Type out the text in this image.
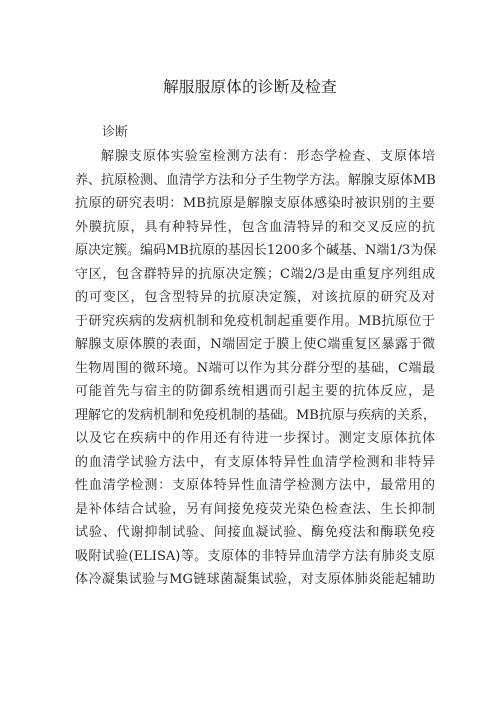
解服服原体的诊断及检查
诊断
解腺支原体实验室检测方法有：形态学检查、支原体培
养、抗原检测、血清学方法和分子生物学方法。解腺支原体MB
抗原的研究表明：MB抗原是解腺支原体感染时被识别的主要
外膜抗原，具有种特异性，包含血清特异的和交叉反应的抗
原决定簇。编码MB抗原的基因长1200多个碱基、N端1/3为保
守区，包含群特异的抗原决定簇；C端2/3是由重复序列组成
的可变区，包含型特异的抗原决定簇，对该抗原的研究及对
于研究疾病的发病机制和免疫机制起重要作用。MB抗原位于
解腺支原体膜的表面，N端固定于膜上使C端重复区暴露于微
生物周围的微环境。N端可以作为其分群分型的基础，C端最
可能首先与宿主的防御系统相遇而引起主要的抗体反应，是
理解它的发病机制和免疫机制的基础。MB抗原与疾病的关系，
以及它在疾病中的作用还有待进一步探讨。测定支原体抗体
的血清学试验方法中，有支原体特异性血清学检测和非特异
性血清学检测：支原体特异性血清学检测方法中，最常用的
是补体结合试验，另有间接免疫荧光染色检查法、生长抑制
试验、代谢抑制试验、间接血凝试验、酶免疫法和酶联免疫
吸附试验(ELISA)等。支原体的非特异血清学方法有肺炎支原
体冷凝集试验与MG链球菌凝集试验，对支原体肺炎能起辅助
